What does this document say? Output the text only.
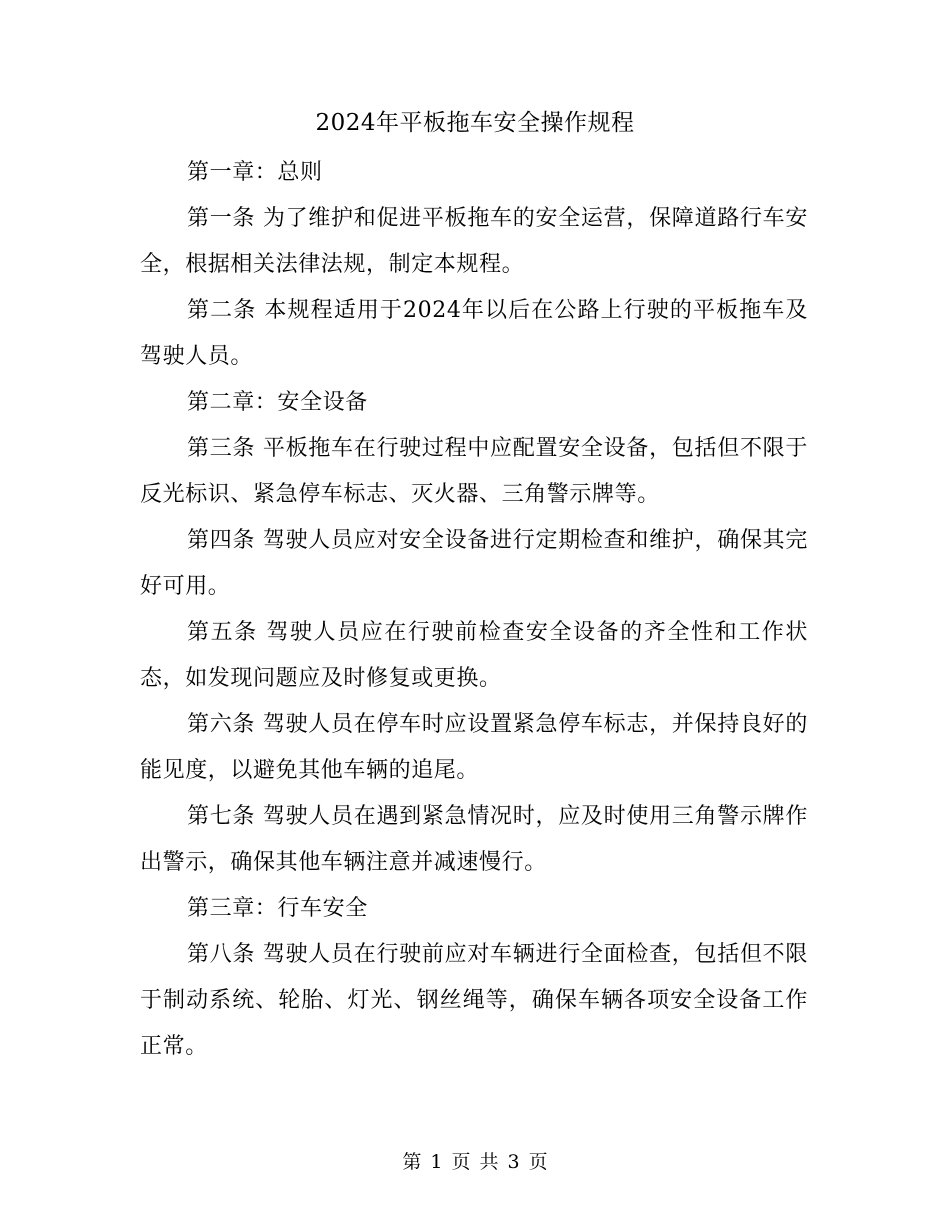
2024年平板拖车安全操作规程

第一章：总则

第一条 为了维护和促进平板拖车的安全运营，保障道路行车安全，根据相关法律法规，制定本规程。

第二条 本规程适用于2024年以后在公路上行驶的平板拖车及驾驶人员。

第二章：安全设备

第三条 平板拖车在行驶过程中应配置安全设备，包括但不限于反光标识、紧急停车标志、灭火器、三角警示牌等。

第四条 驾驶人员应对安全设备进行定期检查和维护，确保其完好可用。

第五条 驾驶人员应在行驶前检查安全设备的齐全性和工作状态，如发现问题应及时修复或更换。

第六条 驾驶人员在停车时应设置紧急停车标志，并保持良好的能见度，以避免其他车辆的追尾。

第七条 驾驶人员在遇到紧急情况时，应及时使用三角警示牌作出警示，确保其他车辆注意并减速慢行。

第三章：行车安全

第八条 驾驶人员在行驶前应对车辆进行全面检查，包括但不限于制动系统、轮胎、灯光、钢丝绳等，确保车辆各项安全设备工作正常。

第 1 页 共 3 页
